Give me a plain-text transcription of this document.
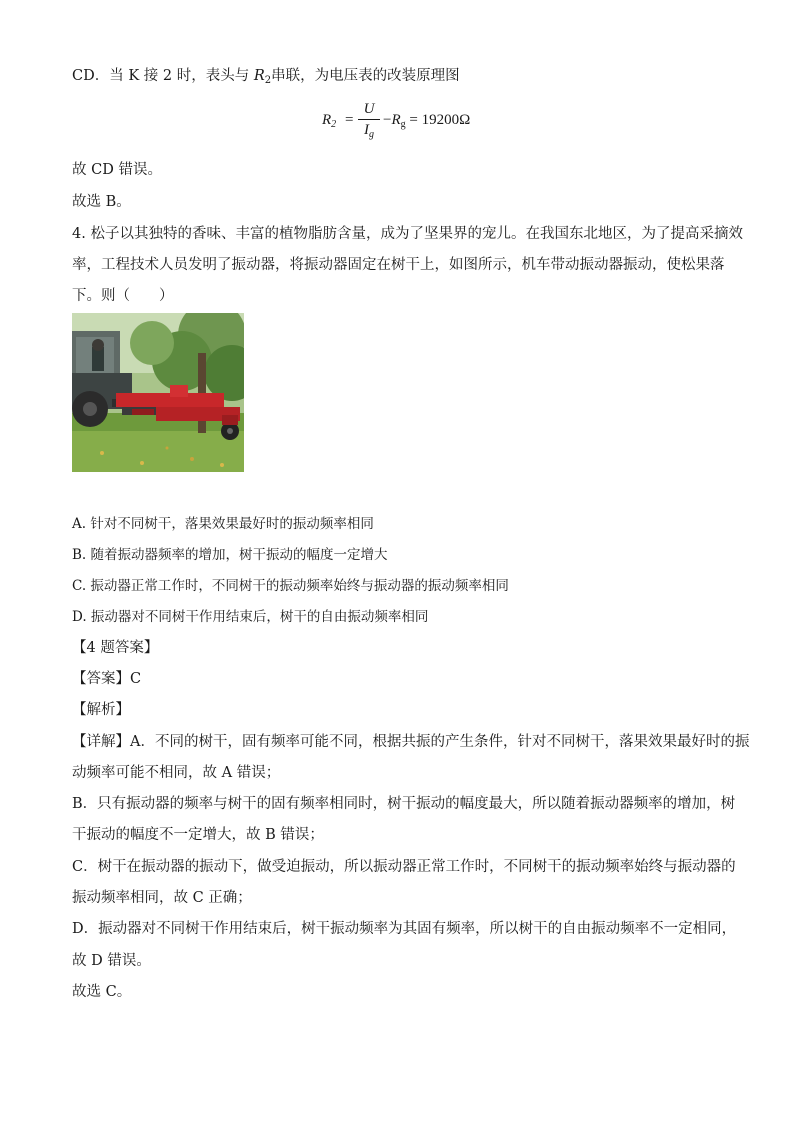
CD．当 K 接 2 时，表头与 $R_2$串联，为电压表的改装原理图
$R_2$ =
U
$I_g$
$-R_g = 19200\Omega$
故 CD 错误。
故选 B。
4. 松子以其独特的香味、丰富的植物脂肪含量，成为了坚果界的宠儿。在我国东北地区，为了提高采摘效
率，工程技术人员发明了振动器，将振动器固定在树干上，如图所示，机车带动振动器振动，使松果落
下。则（　　）
A. 针对不同树干，落果效果最好时的振动频率相同
B. 随着振动器频率的增加，树干振动的幅度一定增大
C. 振动器正常工作时，不同树干的振动频率始终与振动器的振动频率相同
D. 振动器对不同树干作用结束后，树干的自由振动频率相同
【4 题答案】
【答案】C
【解析】
【详解】A．不同的树干，固有频率可能不同，根据共振的产生条件，针对不同树干，落果效果最好时的振
动频率可能不相同，故 A 错误；
B．只有振动器的频率与树干的固有频率相同时，树干振动的幅度最大，所以随着振动器频率的增加，树
干振动的幅度不一定增大，故 B 错误；
C．树干在振动器的振动下，做受迫振动，所以振动器正常工作时，不同树干的振动频率始终与振动器的
振动频率相同，故 C 正确；
D．振动器对不同树干作用结束后，树干振动频率为其固有频率，所以树干的自由振动频率不一定相同，
故 D 错误。
故选 C。
